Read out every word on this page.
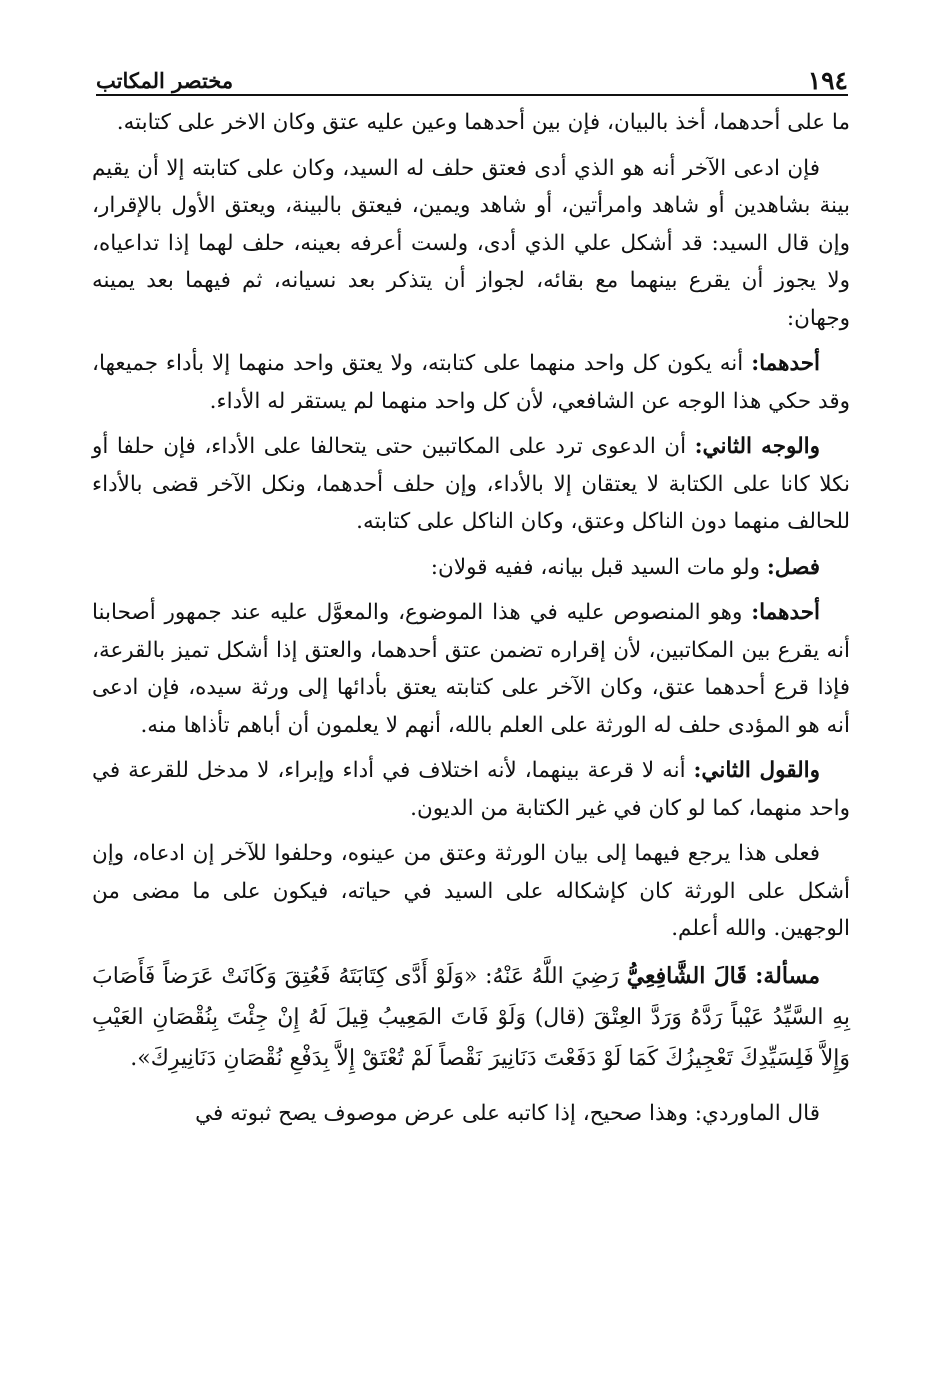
١٩٤
مختصر المكاتب

ما على أحدهما، أخذ بالبيان، فإن بين أحدهما وعين عليه عتق وكان الاخر على كتابته.

فإن ادعى الآخر أنه هو الذي أدى فعتق حلف له السيد، وكان على كتابته إلا أن يقيم بينة بشاهدين أو شاهد وامرأتين، أو شاهد ويمين، فيعتق بالبينة، ويعتق الأول بالإقرار، وإن قال السيد: قد أشكل علي الذي أدى، ولست أعرفه بعينه، حلف لهما إذا تداعياه، ولا يجوز أن يقرع بينهما مع بقائه، لجواز أن يتذكر بعد نسيانه، ثم فيهما بعد يمينه وجهان:

أحدهما: أنه يكون كل واحد منهما على كتابته، ولا يعتق واحد منهما إلا بأداء جميعها، وقد حكي هذا الوجه عن الشافعي، لأن كل واحد منهما لم يستقر له الأداء.

والوجه الثاني: أن الدعوى ترد على المكاتبين حتى يتحالفا على الأداء، فإن حلفا أو نكلا كانا على الكتابة لا يعتقان إلا بالأداء، وإن حلف أحدهما، ونكل الآخر قضى بالأداء للحالف منهما دون الناكل وعتق، وكان الناكل على كتابته.

فصل: ولو مات السيد قبل بيانه، ففيه قولان:

أحدهما: وهو المنصوص عليه في هذا الموضوع، والمعوَّل عليه عند جمهور أصحابنا أنه يقرع بين المكاتبين، لأن إقراره تضمن عتق أحدهما، والعتق إذا أشكل تميز بالقرعة، فإذا قرع أحدهما عتق، وكان الآخر على كتابته يعتق بأدائها إلى ورثة سيده، فإن ادعى أنه هو المؤدى حلف له الورثة على العلم بالله، أنهم لا يعلمون أن أباهم تأذاها منه.

والقول الثاني: أنه لا قرعة بينهما، لأنه اختلاف في أداء وإبراء، لا مدخل للقرعة في واحد منهما، كما لو كان في غير الكتابة من الديون.

فعلى هذا يرجع فيهما إلى بيان الورثة وعتق من عينوه، وحلفوا للآخر إن ادعاه، وإن أشكل على الورثة كان كإشكاله على السيد في حياته، فيكون على ما مضى من الوجهين. والله أعلم.

مسألة: قَالَ الشَّافِعِيُّ رَضِيَ اللَّهُ عَنْهُ: «وَلَوْ أَدَّى كِتَابَتَهُ فَعُتِقَ وَكَانَتْ عَرَضاً فَأَصَابَ بِهِ السَّيِّدُ عَيْباً رَدَّهُ وَرَدَّ العِتْقَ (قال) وَلَوْ فَاتَ المَعِيبُ قِيلَ لَهُ إِنْ جِئْتَ بِنُقْصَانِ العَيْبِ وَإِلاَّ فَلِسَيِّدِكَ تَعْجِيزُكَ كَمَا لَوْ دَفَعْتَ دَنَانِيرَ نَقْصاً لَمْ تُعْتَقْ إِلاَّ بِدَفْعِ نُقْصَانِ دَنَانِيرِكَ».

قال الماوردي: وهذا صحيح، إذا كاتبه على عرض موصوف يصح ثبوته في
